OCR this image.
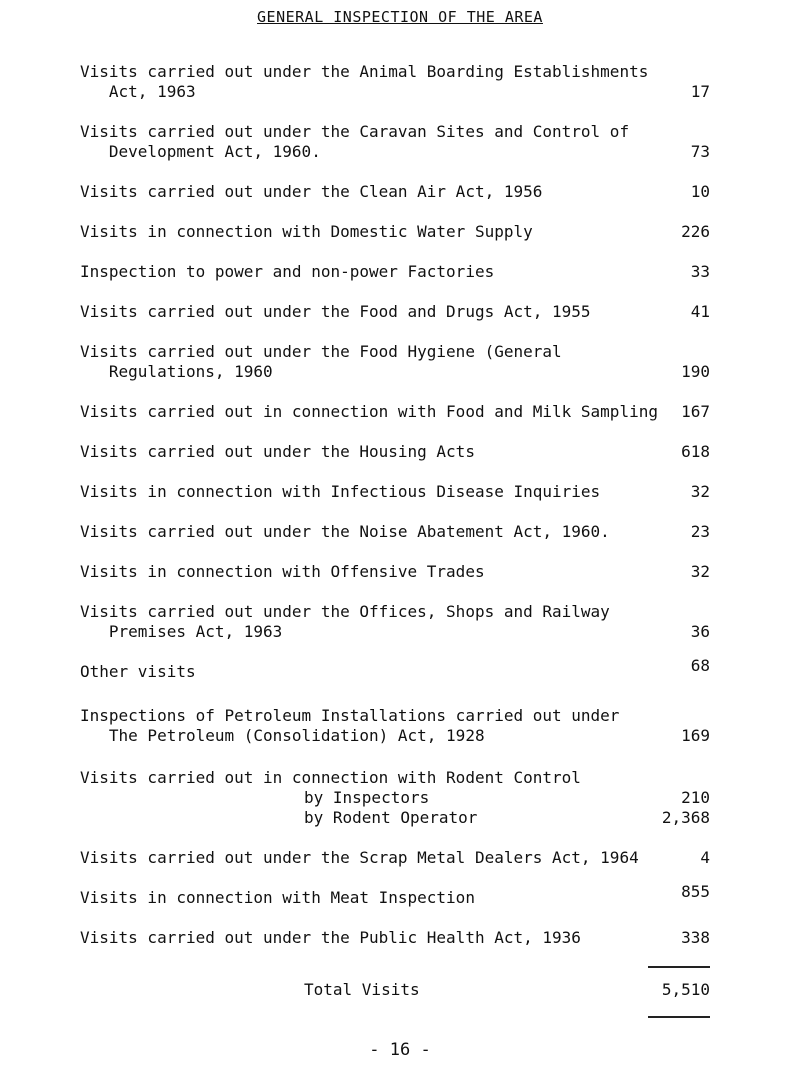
GENERAL INSPECTION OF THE AREA
Visits carried out under the Animal Boarding Establishments
Act, 1963	17
Visits carried out under the Caravan Sites and Control of
Development Act, 1960.	73
Visits carried out under the Clean Air Act, 1956	10
Visits in connection with Domestic Water Supply	226
Inspection to power and non-power Factories	33
Visits carried out under the Food and Drugs Act, 1955	41
Visits carried out under the Food Hygiene (General
Regulations, 1960	190
Visits carried out in connection with Food and Milk Sampling 167
Visits carried out under the Housing Acts	618
Visits in connection with Infectious Disease Inquiries	32
Visits carried out under the Noise Abatement Act, 1960.	23
Visits in connection with Offensive Trades	32
Visits carried out under the Offices, Shops and Railway
Premises Act, 1963	36
Other visits	68
Inspections of Petroleum Installations carried out under
The Petroleum (Consolidation) Act, 1928	169
Visits carried out in connection with Rodent Control
by Inspectors	210
by Rodent Operator	2,368
Visits carried out under the Scrap Metal Dealers Act, 1964	4
Visits in connection with Meat Inspection	855
Visits carried out under the Public Health Act, 1936	338
Total Visits	5,510
- 16 -
